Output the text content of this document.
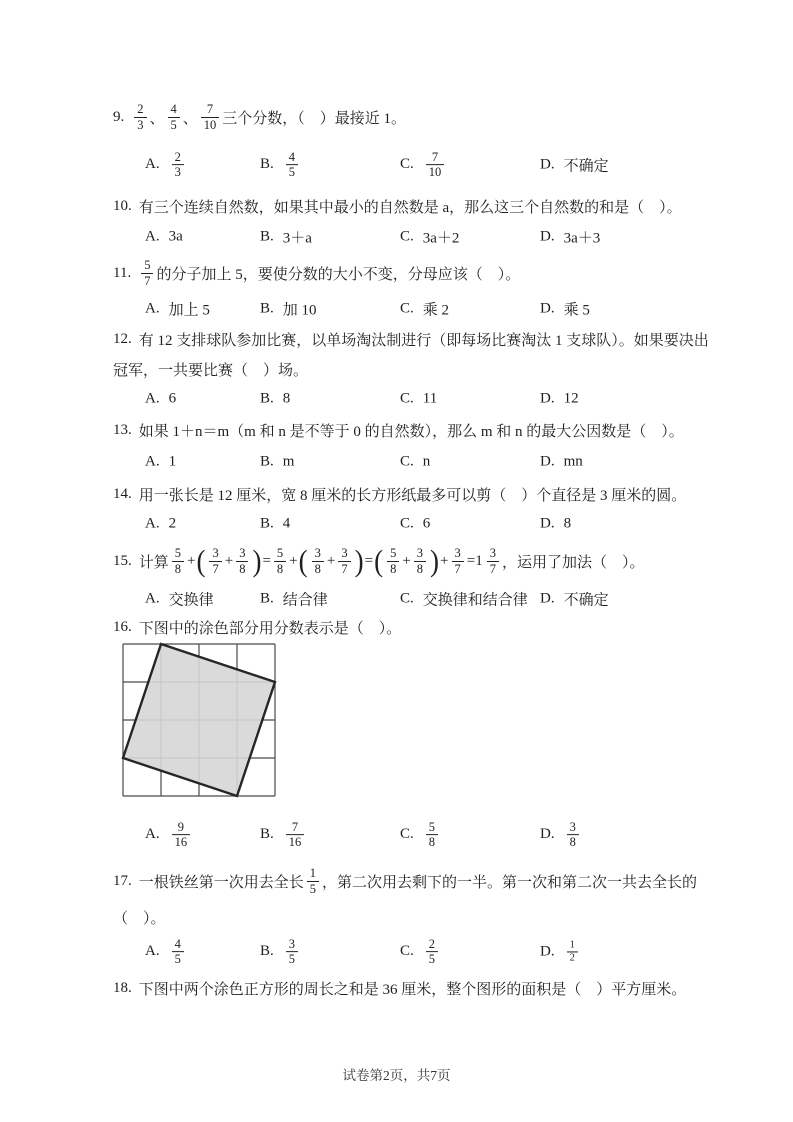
9. $\frac{2}{3}$ 、 $\frac{4}{5}$ 、 $\frac{7}{10}$ 三个分数，（　）最接近 1。
A. $\frac{2}{3}$	B. $\frac{4}{5}$	C. $\frac{7}{10}$	D. 不确定
10. 有三个连续自然数，如果其中最小的自然数是 a，那么这三个自然数的和是（　）。
A. 3a	B. 3＋a	C. 3a＋2	D. 3a＋3
11. $\frac{5}{7}$ 的分子加上 5，要使分数的大小不变，分母应该（　）。
A. 加上 5	B. 加 10	C. 乘 2	D. 乘 5
12. 有 12 支排球队参加比赛，以单场淘汰制进行（即每场比赛淘汰 1 支球队）。如果要决出
冠军，一共要比赛（　）场。
A. 6	B. 8	C. 11	D. 12
13. 如果 1＋n＝m（m 和 n 是不等于 0 的自然数），那么 m 和 n 的最大公因数是（　）。
A. 1	B. m	C. n	D. mn
14. 用一张长是 12 厘米，宽 8 厘米的长方形纸最多可以剪（　）个直径是 3 厘米的圆。
A. 2	B. 4	C. 6	D. 8
15. 计算 $\frac{5}{8}$ + ( $\frac{3}{7} + \frac{3}{8}$ ) = $\frac{5}{8}$ + ( $\frac{3}{8} + \frac{3}{7}$ ) = ( $\frac{5}{8} + \frac{3}{8}$ ) + $\frac{3}{7} = 1 \frac{3}{7}$ ，运用了加法（　）。
A. 交换律	B. 结合律	C. 交换律和结合律 D. 不确定
16. 下图中的涂色部分用分数表示是（　）。
A. $\frac{9}{16}$	B. $\frac{7}{16}$	C. $\frac{5}{8}$	D. $\frac{3}{8}$
17. 一根铁丝第一次用去全长 $\frac{1}{5}$ ，第二次用去剩下的一半。第一次和第二次一共去全长的
（　）。
A. $\frac{4}{5}$	B. $\frac{3}{5}$	C. $\frac{2}{5}$	D. $\frac{1}{2}$
18. 下图中两个涂色正方形的周长之和是 36 厘米，整个图形的面积是（　）平方厘米。
试卷第2页，共7页
